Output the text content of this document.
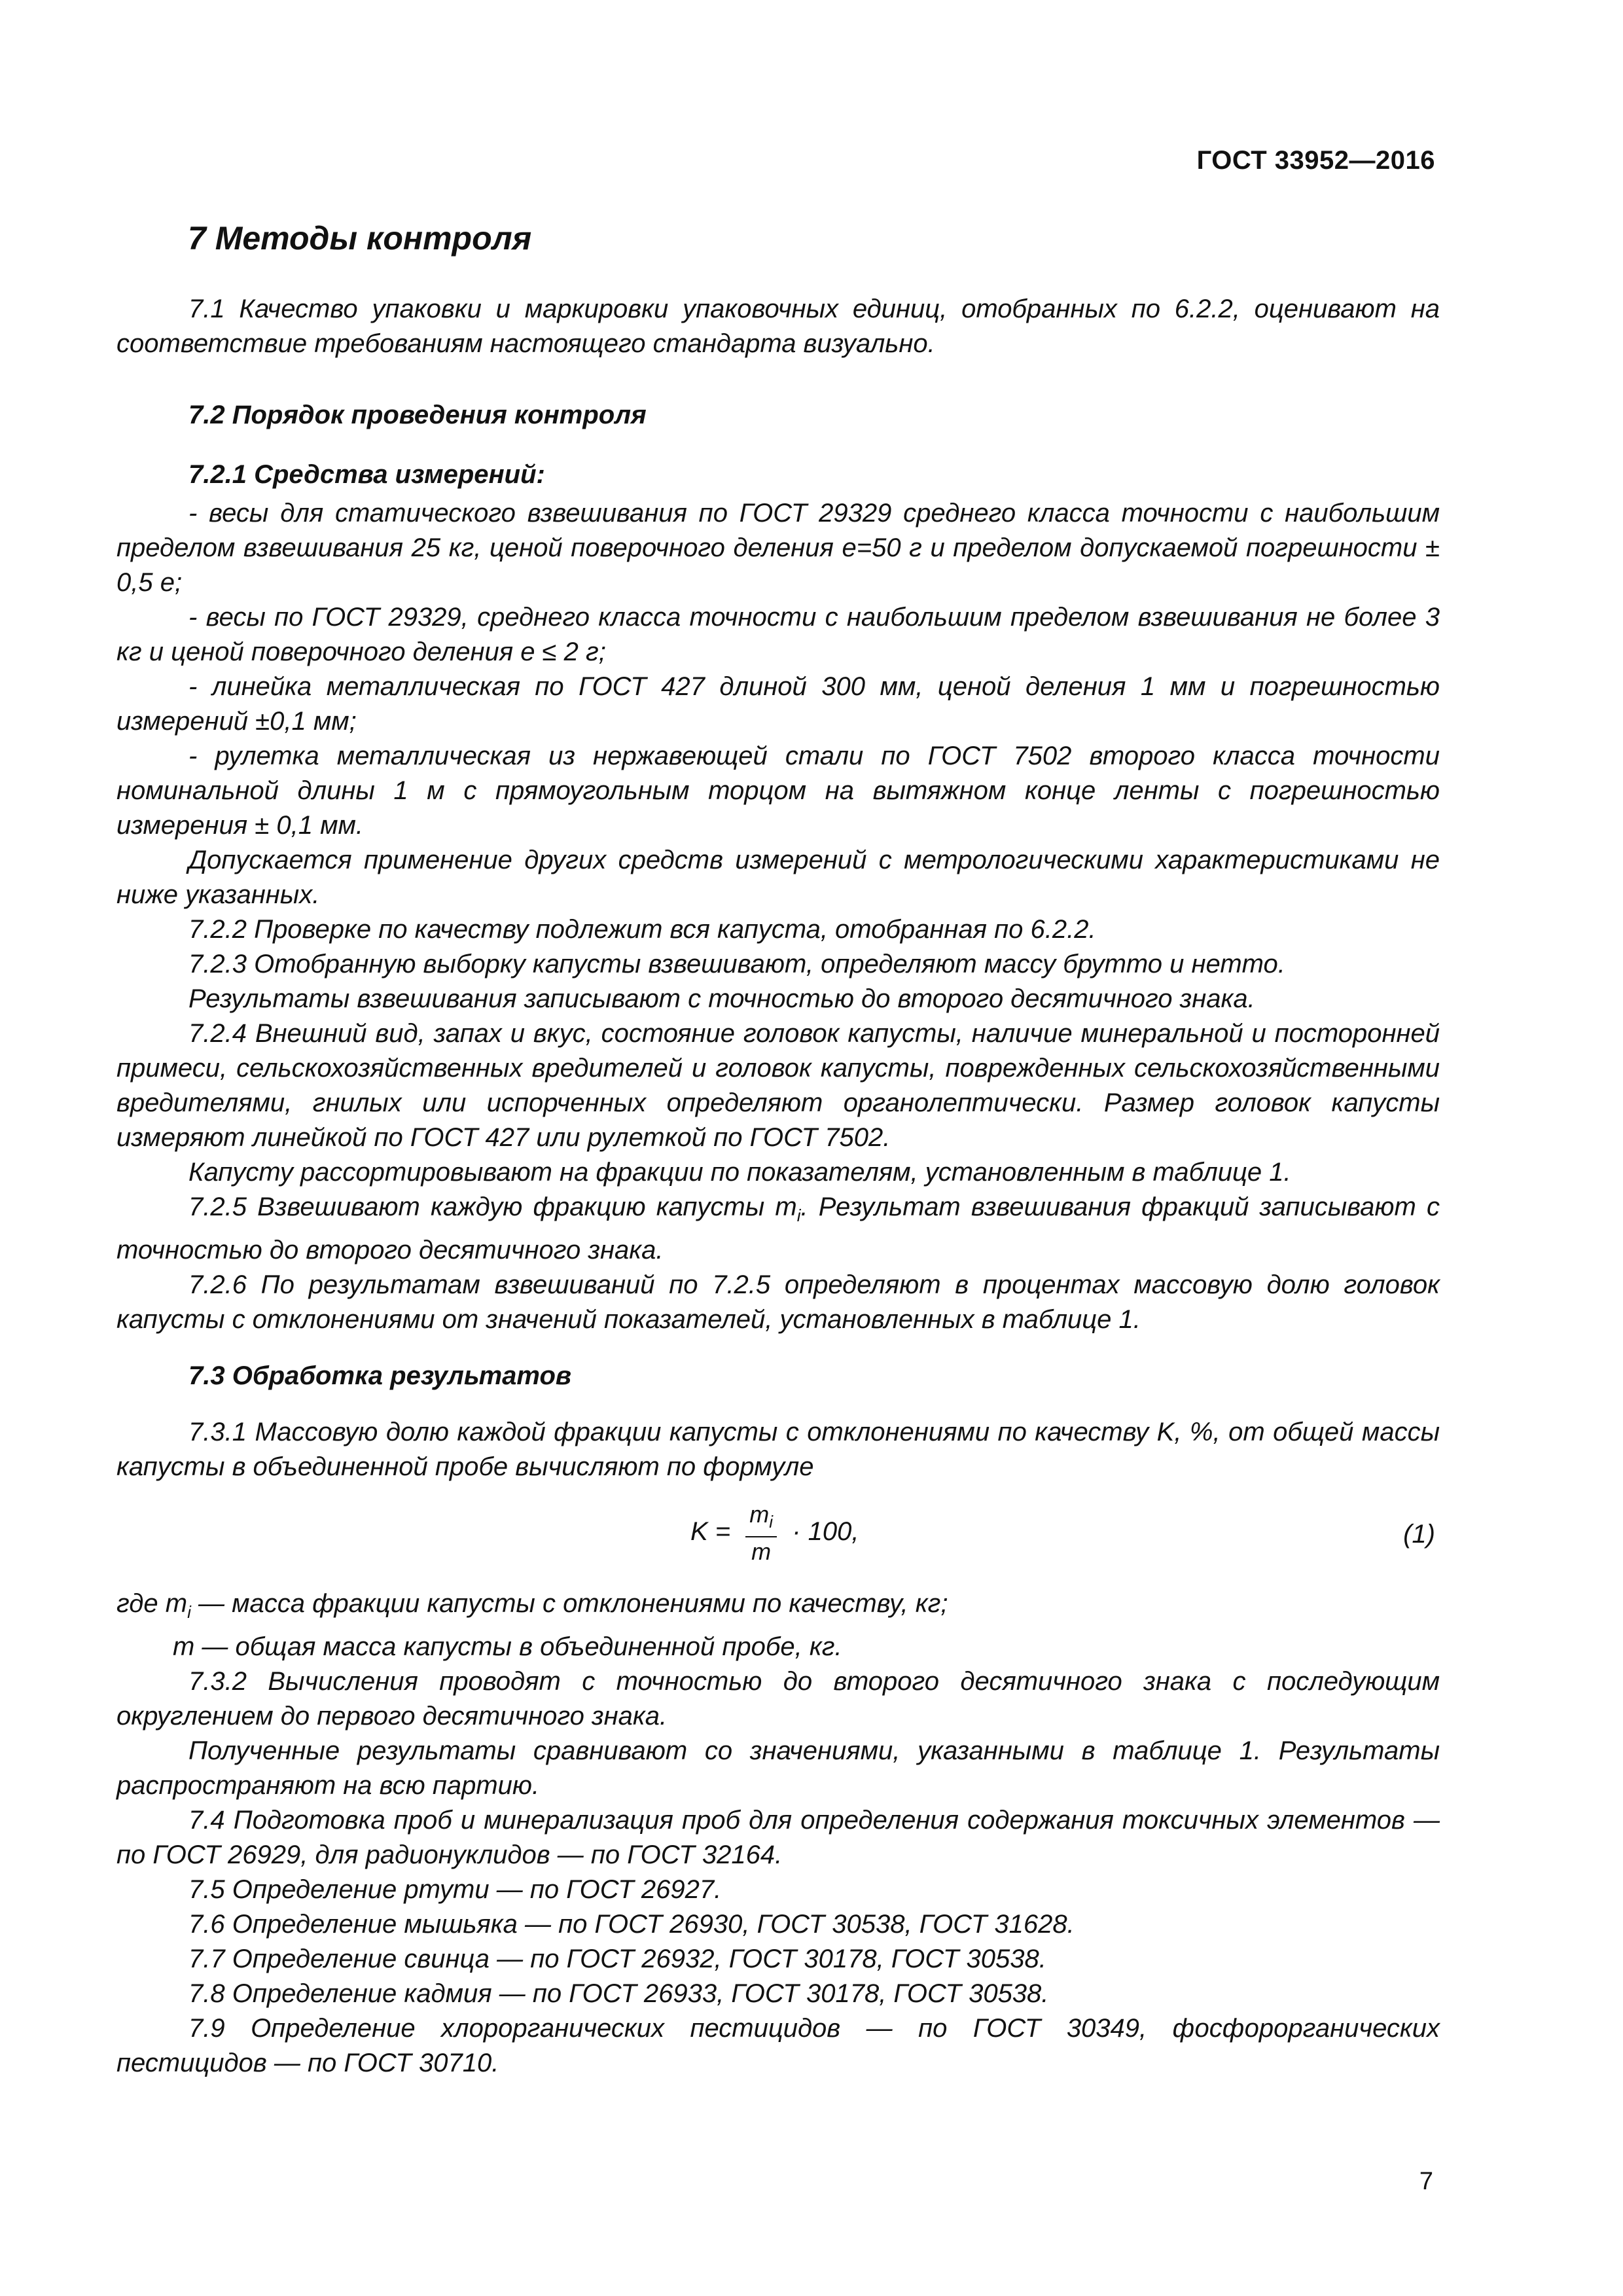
ГОСТ 33952—2016
7 Методы контроля

7.1 Качество упаковки и маркировки упаковочных единиц, отобранных по 6.2.2, оценивают на соответствие требованиям настоящего стандарта визуально.

7.2 Порядок проведения контроля
7.2.1 Средства измерений:

- весы для статического взвешивания по ГОСТ 29329 среднего класса точности с наибольшим пределом взвешивания 25 кг, ценой поверочного деления e=50 г и пределом допускаемой погрешности ± 0,5 e;

- весы по ГОСТ 29329, среднего класса точности с наибольшим пределом взвешивания не более 3 кг и ценой поверочного деления e ≤ 2 г;

- линейка металлическая по ГОСТ 427 длиной 300 мм, ценой деления 1 мм и погрешностью измерений ±0,1 мм;

- рулетка металлическая из нержавеющей стали по ГОСТ 7502 второго класса точности номинальной длины 1 м с прямоугольным торцом на вытяжном конце ленты с погрешностью измерения ± 0,1 мм.

Допускается применение других средств измерений с метрологическими характеристиками не ниже указанных.

7.2.2 Проверке по качеству подлежит вся капуста, отобранная по 6.2.2.

7.2.3 Отобранную выборку капусты взвешивают, определяют массу брутто и нетто.

Результаты взвешивания записывают с точностью до второго десятичного знака.

7.2.4 Внешний вид, запах и вкус, состояние головок капусты, наличие минеральной и посторонней примеси, сельскохозяйственных вредителей и головок капусты, поврежденных сельскохозяйственными вредителями, гнилых или испорченных определяют органолептически. Размер головок капусты измеряют линейкой по ГОСТ 427 или рулеткой по ГОСТ 7502.

Капусту рассортировывают на фракции по показателям, установленным в таблице 1.

7.2.5 Взвешивают каждую фракцию капусты $m_i$. Результат взвешивания фракций записывают с точностью до второго десятичного знака.

7.2.6 По результатам взвешиваний по 7.2.5 определяют в процентах массовую долю головок капусты с отклонениями от значений показателей, установленных в таблице 1.

7.3 Обработка результатов

7.3.1 Массовую долю каждой фракции капусты с отклонениями по качеству K, %, от общей массы капусты в объединенной пробе вычисляют по формуле

$K = \frac{m_i}{m} \cdot 100$,	(1)

где $m_i$ — масса фракции капусты с отклонениями по качеству, кг;

m — общая масса капусты в объединенной пробе, кг.

7.3.2 Вычисления проводят с точностью до второго десятичного знака с последующим округлением до первого десятичного знака.

Полученные результаты сравнивают со значениями, указанными в таблице 1. Результаты распространяют на всю партию.

7.4 Подготовка проб и минерализация проб для определения содержания токсичных элементов — по ГОСТ 26929, для радионуклидов — по ГОСТ 32164.

7.5 Определение ртути — по ГОСТ 26927.

7.6 Определение мышьяка — по ГОСТ 26930, ГОСТ 30538, ГОСТ 31628.

7.7 Определение свинца — по ГОСТ 26932, ГОСТ 30178, ГОСТ 30538.

7.8 Определение кадмия — по ГОСТ 26933, ГОСТ 30178, ГОСТ 30538.

7.9 Определение хлорорганических пестицидов — по ГОСТ 30349, фосфорорганических пестицидов — по ГОСТ 30710.

7
